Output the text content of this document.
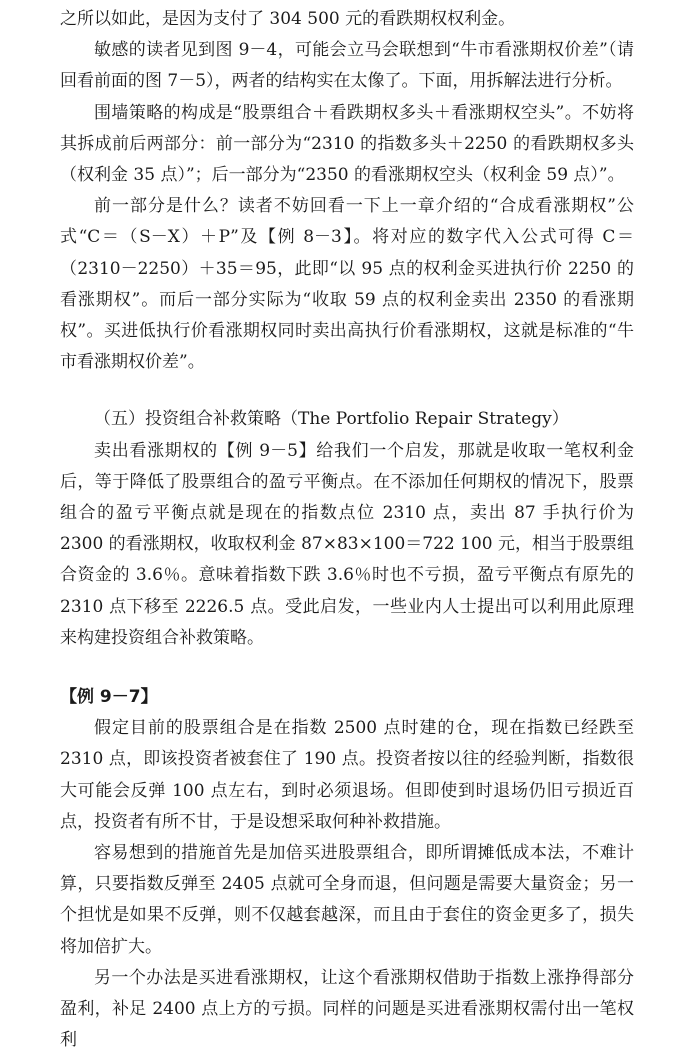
之所以如此，是因为支付了 304 500 元的看跌期权权利金。

敏感的读者见到图 9－4，可能会立马会联想到“牛市看涨期权价差”（请回看前面的图 7－5），两者的结构实在太像了。下面，用拆解法进行分析。

围墙策略的构成是“股票组合＋看跌期权多头＋看涨期权空头”。不妨将其拆成前后两部分：前一部分为“2310 的指数多头＋2250 的看跌期权多头（权利金 35 点）”；后一部分为“2350 的看涨期权空头（权利金 59 点）”。

前一部分是什么？读者不妨回看一下上一章介绍的“合成看涨期权”公式“C＝（S－X）＋P”及【例 8－3】。将对应的数字代入公式可得 C＝（2310－2250）＋35＝95，此即“以 95 点的权利金买进执行价 2250 的看涨期权”。而后一部分实际为“收取 59 点的权利金卖出 2350 的看涨期权”。买进低执行价看涨期权同时卖出高执行价看涨期权，这就是标准的“牛市看涨期权价差”。

（五）投资组合补救策略（The Portfolio Repair Strategy）

卖出看涨期权的【例 9－5】给我们一个启发，那就是收取一笔权利金后，等于降低了股票组合的盈亏平衡点。在不添加任何期权的情况下，股票组合的盈亏平衡点就是现在的指数点位 2310 点，卖出 87 手执行价为 2300 的看涨期权，收取权利金 87×83×100＝722 100 元，相当于股票组合资金的 3.6％。意味着指数下跌 3.6％时也不亏损，盈亏平衡点有原先的 2310 点下移至 2226.5 点。受此启发，一些业内人士提出可以利用此原理来构建投资组合补救策略。

【例 9－7】

假定目前的股票组合是在指数 2500 点时建的仓，现在指数已经跌至 2310 点，即该投资者被套住了 190 点。投资者按以往的经验判断，指数很大可能会反弹 100 点左右，到时必须退场。但即使到时退场仍旧亏损近百点，投资者有所不甘，于是设想采取何种补救措施。

容易想到的措施首先是加倍买进股票组合，即所谓摊低成本法，不难计算，只要指数反弹至 2405 点就可全身而退，但问题是需要大量资金；另一个担忧是如果不反弹，则不仅越套越深，而且由于套住的资金更多了，损失将加倍扩大。

另一个办法是买进看涨期权，让这个看涨期权借助于指数上涨挣得部分盈利，补足 2400 点上方的亏损。同样的问题是买进看涨期权需付出一笔权利
